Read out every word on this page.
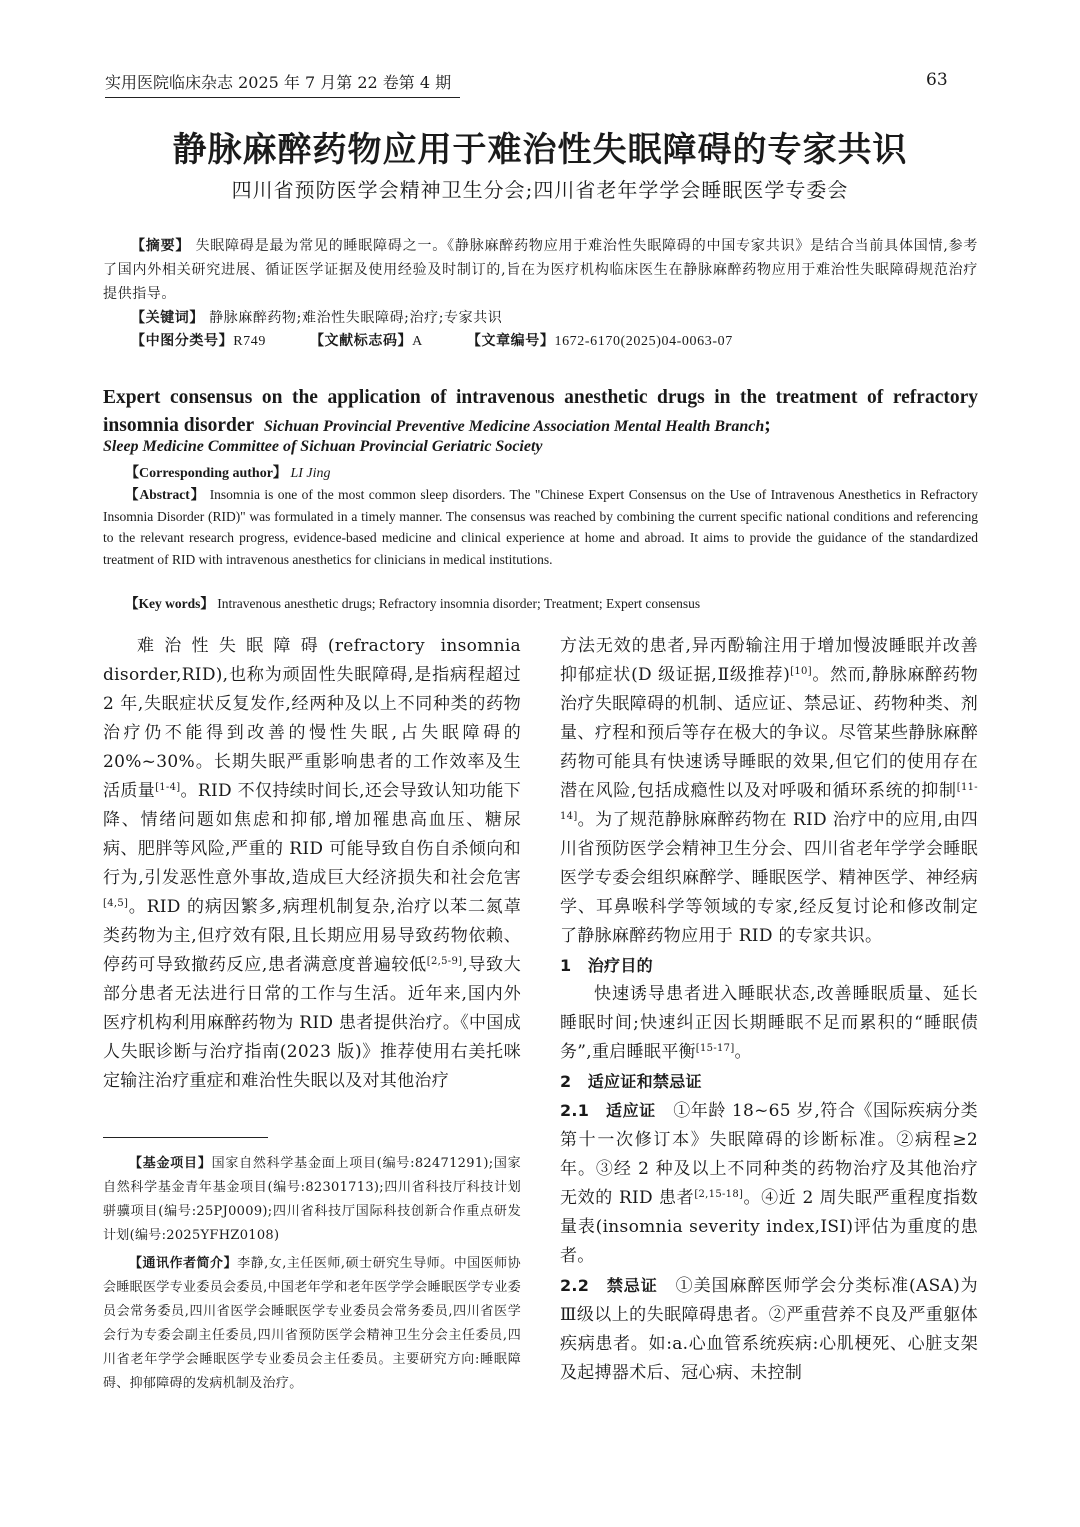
实用医院临床杂志 2025 年 7 月第 22 卷第 4 期	63
静脉麻醉药物应用于难治性失眠障碍的专家共识
四川省预防医学会精神卫生分会;四川省老年学学会睡眠医学专委会
【摘要】 失眠障碍是最为常见的睡眠障碍之一。《静脉麻醉药物应用于难治性失眠障碍的中国专家共识》是结合当前具体国情,参考了国内外相关研究进展、循证医学证据及使用经验及时制订的,旨在为医疗机构临床医生在静脉麻醉药物应用于难治性失眠障碍规范治疗提供指导。
【关键词】 静脉麻醉药物;难治性失眠障碍;治疗;专家共识
【中图分类号】R749	【文献标志码】A	【文章编号】1672-6170(2025)04-0063-07
Expert consensus on the application of intravenous anesthetic drugs in the treatment of refractory insomnia disorder Sichuan Provincial Preventive Medicine Association Mental Health Branch;
Sleep Medicine Committee of Sichuan Provincial Geriatric Society
【Corresponding author】 LI Jing
【Abstract】 Insomnia is one of the most common sleep disorders. The "Chinese Expert Consensus on the Use of Intravenous Anesthetics in Refractory Insomnia Disorder (RID)" was formulated in a timely manner. The consensus was reached by combining the current specific national conditions and referencing to the relevant research progress, evidence-based medicine and clinical experience at home and abroad. It aims to provide the guidance of the standardized treatment of RID with intravenous anesthetics for clinicians in medical institutions.
【Key words】 Intravenous anesthetic drugs; Refractory insomnia disorder; Treatment; Expert consensus

难治性失眠障碍(refractory insomnia disorder,RID),也称为顽固性失眠障碍,是指病程超过 2 年,失眠症状反复发作,经两种及以上不同种类的药物治疗仍不能得到改善的慢性失眠,占失眠障碍的 20%~30%。长期失眠严重影响患者的工作效率及生活质量[1-4]。RID 不仅持续时间长,还会导致认知功能下降、情绪问题如焦虑和抑郁,增加罹患高血压、糖尿病、肥胖等风险,严重的 RID 可能导致自伤自杀倾向和行为,引发恶性意外事故,造成巨大经济损失和社会危害[4,5]。RID 的病因繁多,病理机制复杂,治疗以苯二氮䓬类药物为主,但疗效有限,且长期应用易导致药物依赖、停药可导致撤药反应,患者满意度普遍较低[2,5-9],导致大部分患者无法进行日常的工作与生活。近年来,国内外医疗机构利用麻醉药物为 RID 患者提供治疗。《中国成人失眠诊断与治疗指南(2023 版)》推荐使用右美托咪定输注治疗重症和难治性失眠以及对其他治疗

方法无效的患者,异丙酚输注用于增加慢波睡眠并改善抑郁症状(D 级证据,Ⅱ级推荐)[10]。然而,静脉麻醉药物治疗失眠障碍的机制、适应证、禁忌证、药物种类、剂量、疗程和预后等存在极大的争议。尽管某些静脉麻醉药物可能具有快速诱导睡眠的效果,但它们的使用存在潜在风险,包括成瘾性以及对呼吸和循环系统的抑制[11-14]。为了规范静脉麻醉药物在 RID 治疗中的应用,由四川省预防医学会精神卫生分会、四川省老年学学会睡眠医学专委会组织麻醉学、睡眠医学、精神医学、神经病学、耳鼻喉科学等领域的专家,经反复讨论和修改制定了静脉麻醉药物应用于 RID 的专家共识。

1　治疗目的

快速诱导患者进入睡眠状态,改善睡眠质量、延长睡眠时间;快速纠正因长期睡眠不足而累积的“睡眠债务”,重启睡眠平衡[15-17]。

2　适应证和禁忌证

2.1　适应证　 ①年龄 18~65 岁,符合《国际疾病分类第十一次修订本》失眠障碍的诊断标准。②病程≥2 年。③经 2 种及以上不同种类的药物治疗及其他治疗无效的 RID 患者[2,15-18]。④近 2 周失眠严重程度指数量表(insomnia severity index,ISI)评估为重度的患者。

2.2　禁忌证　 ①美国麻醉医师学会分类标准(ASA)为Ⅲ级以上的失眠障碍患者。②严重营养不良及严重躯体疾病患者。如:a.心血管系统疾病:心肌梗死、心脏支架及起搏器术后、冠心病、未控制

【基金项目】国家自然科学基金面上项目(编号:82471291);国家自然科学基金青年基金项目(编号:82301713);四川省科技厅科技计划骈骥项目(编号:25PJ0009);四川省科技厅国际科技创新合作重点研发计划(编号:2025YFHZ0108)

【通讯作者简介】李静,女,主任医师,硕士研究生导师。中国医师协会睡眠医学专业委员会委员,中国老年学和老年医学学会睡眠医学专业委员会常务委员,四川省医学会睡眠医学专业委员会常务委员,四川省医学会行为专委会副主任委员,四川省预防医学会精神卫生分会主任委员,四川省老年学学会睡眠医学专业委员会主任委员。主要研究方向:睡眠障碍、抑郁障碍的发病机制及治疗。
